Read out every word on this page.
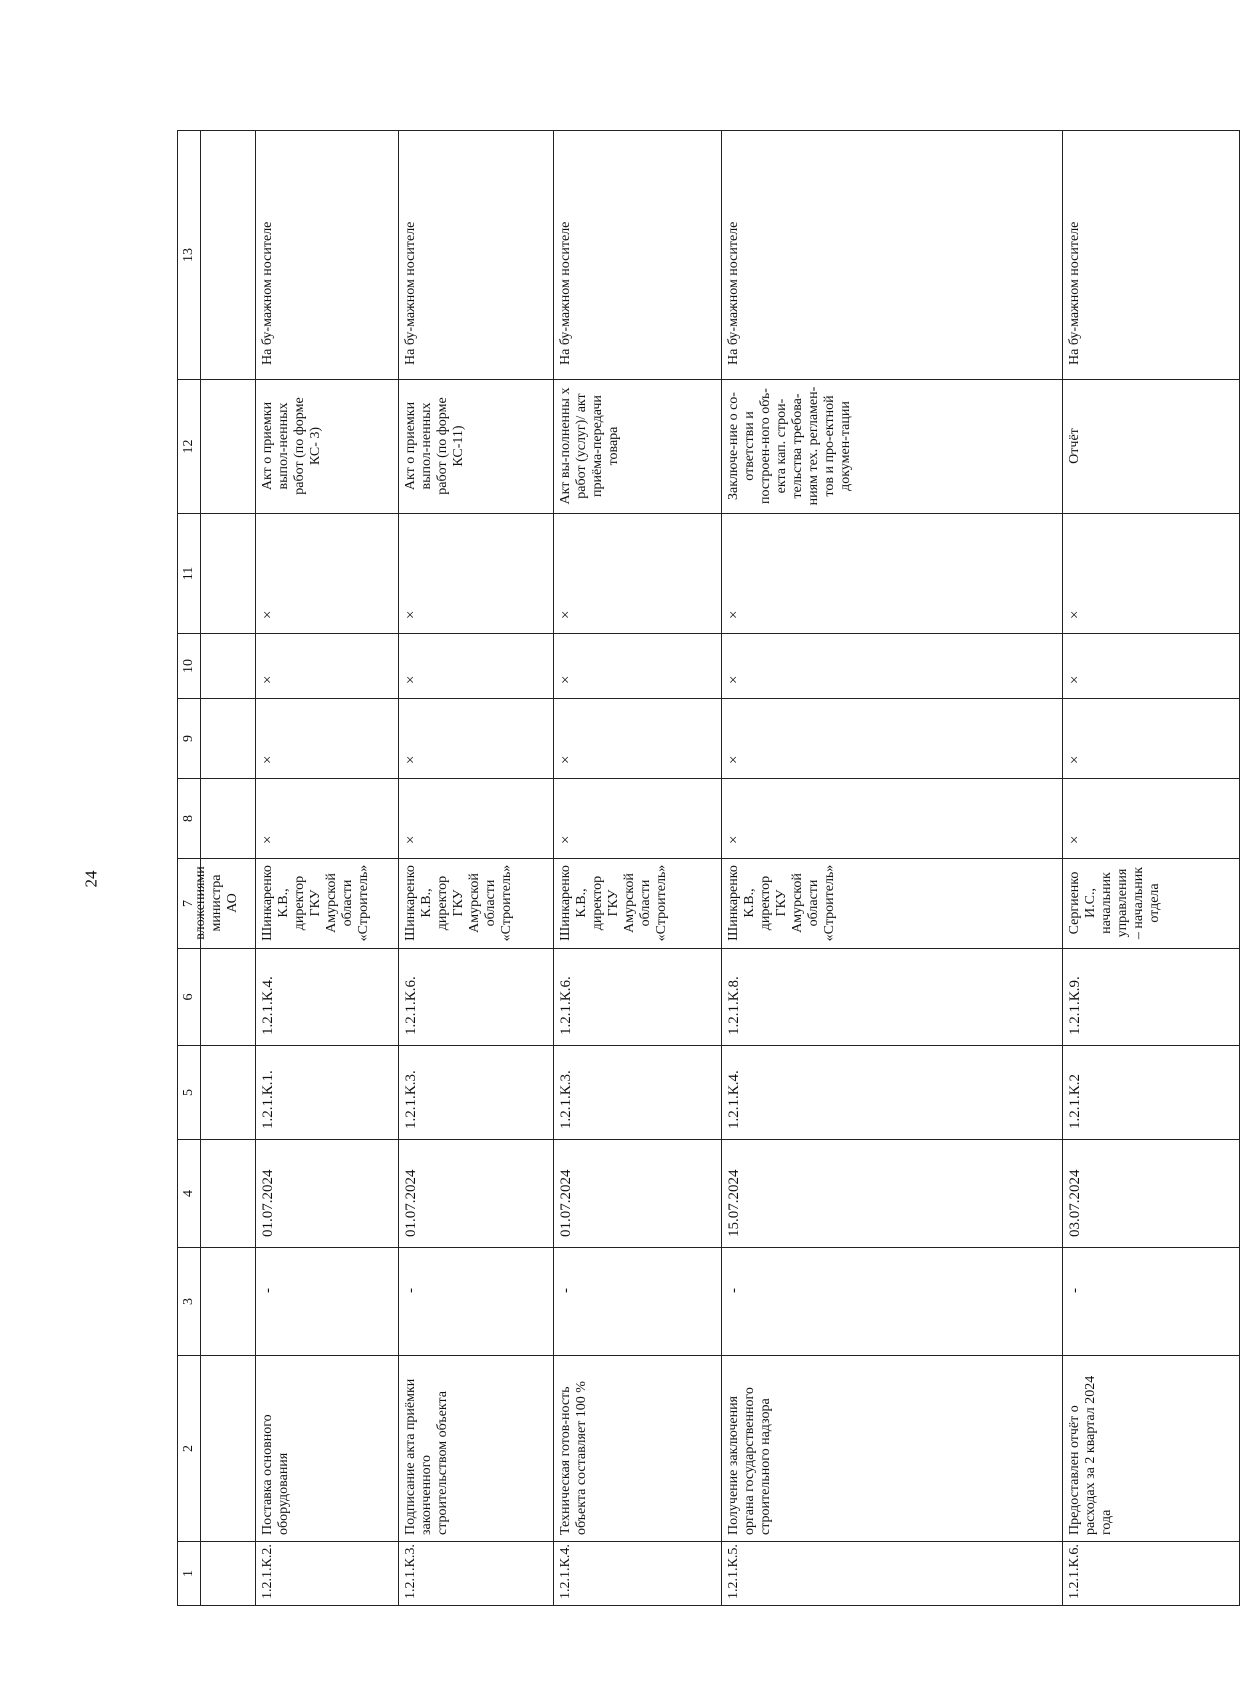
24
1	2	3	4	5	6	7	8	9	10	11	12	13

						вложениями министра АО						

1.2.1.К.2.	Поставка основного оборудования	-	01.07.2024	1.2.1.К.1.	1.2.1.К.4.	Шинкаренко К.В., директор ГКУ Амурской области «Строитель»	×	×	×	×	Акт о приемки выпол-ненных работ (по форме КС- 3)	На бу-мажном носителе
1.2.1.К.3.	Подписание акта приёмки законченного строительством объекта	-	01.07.2024	1.2.1.К.3.	1.2.1.К.6.	Шинкаренко К.В., директор ГКУ Амурской области «Строитель»	×	×	×	×	Акт о приемки выпол-ненных работ (по форме КС-11)	На бу-мажном носителе
1.2.1.К.4.	Техническая готов-ность объекта составляет 100 %	-	01.07.2024	1.2.1.К.3.	1.2.1.К.6.	Шинкаренко К.В., директор ГКУ Амурской области «Строитель»	×	×	×	×	Акт вы-полненны х работ (услуг)/ акт приёма-передачи товара	На бу-мажном носителе
1.2.1.К.5.	Получение заключения органа государственного строительного надзора	-	15.07.2024	1.2.1.К.4.	1.2.1.К.8.	Шинкаренко К.В., директор ГКУ Амурской области «Строитель»	×	×	×	×	Заключе-ние о со-ответстви и построен-ного объ-екта кап. строи-тельства требова-ниям тех. регламен-тов и про-ектной докумен-тации	На бу-мажном носителе
1.2.1.К.6.	Предоставлен отчёт о расходах за 2 квартал 2024 года	-	03.07.2024	1.2.1.К.2	1.2.1.К.9.	Сергиенко И.С., начальник управления – начальник отдела	×	×	×	×	Отчёт	На бу-мажном носителе
